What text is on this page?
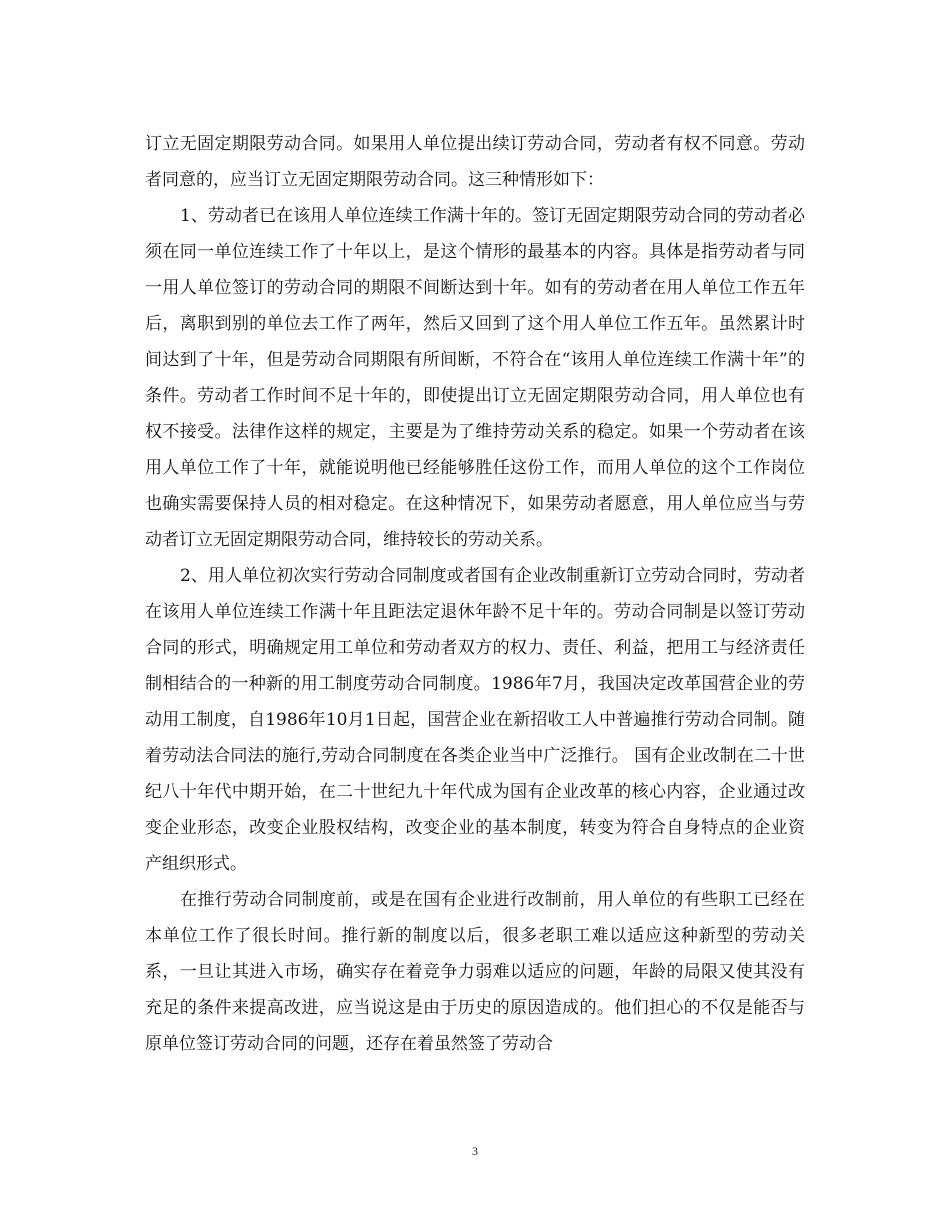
订立无固定期限劳动合同。如果用人单位提出续订劳动合同，劳动者有权不同意。劳动者同意的，应当订立无固定期限劳动合同。这三种情形如下：

1、劳动者已在该用人单位连续工作满十年的。签订无固定期限劳动合同的劳动者必须在同一单位连续工作了十年以上，是这个情形的最基本的内容。具体是指劳动者与同一用人单位签订的劳动合同的期限不间断达到十年。如有的劳动者在用人单位工作五年后，离职到别的单位去工作了两年，然后又回到了这个用人单位工作五年。虽然累计时间达到了十年，但是劳动合同期限有所间断，不符合在“该用人单位连续工作满十年”的条件。劳动者工作时间不足十年的，即使提出订立无固定期限劳动合同，用人单位也有权不接受。法律作这样的规定，主要是为了维持劳动关系的稳定。如果一个劳动者在该用人单位工作了十年，就能说明他已经能够胜任这份工作，而用人单位的这个工作岗位也确实需要保持人员的相对稳定。在这种情况下，如果劳动者愿意，用人单位应当与劳动者订立无固定期限劳动合同，维持较长的劳动关系。

2、用人单位初次实行劳动合同制度或者国有企业改制重新订立劳动合同时，劳动者在该用人单位连续工作满十年且距法定退休年龄不足十年的。劳动合同制是以签订劳动合同的形式，明确规定用工单位和劳动者双方的权力、责任、利益，把用工与经济责任制相结合的一种新的用工制度劳动合同制度。1986年7月，我国决定改革国营企业的劳动用工制度，自1986年10月1日起，国营企业在新招收工人中普遍推行劳动合同制。随着劳动法合同法的施行,劳动合同制度在各类企业当中广泛推行。 国有企业改制在二十世纪八十年代中期开始，在二十世纪九十年代成为国有企业改革的核心内容，企业通过改变企业形态，改变企业股权结构，改变企业的基本制度，转变为符合自身特点的企业资产组织形式。

在推行劳动合同制度前，或是在国有企业进行改制前，用人单位的有些职工已经在本单位工作了很长时间。推行新的制度以后，很多老职工难以适应这种新型的劳动关系，一旦让其进入市场，确实存在着竞争力弱难以适应的问题，年龄的局限又使其没有充足的条件来提高改进，应当说这是由于历史的原因造成的。他们担心的不仅是能否与原单位签订劳动合同的问题，还存在着虽然签了劳动合

3
